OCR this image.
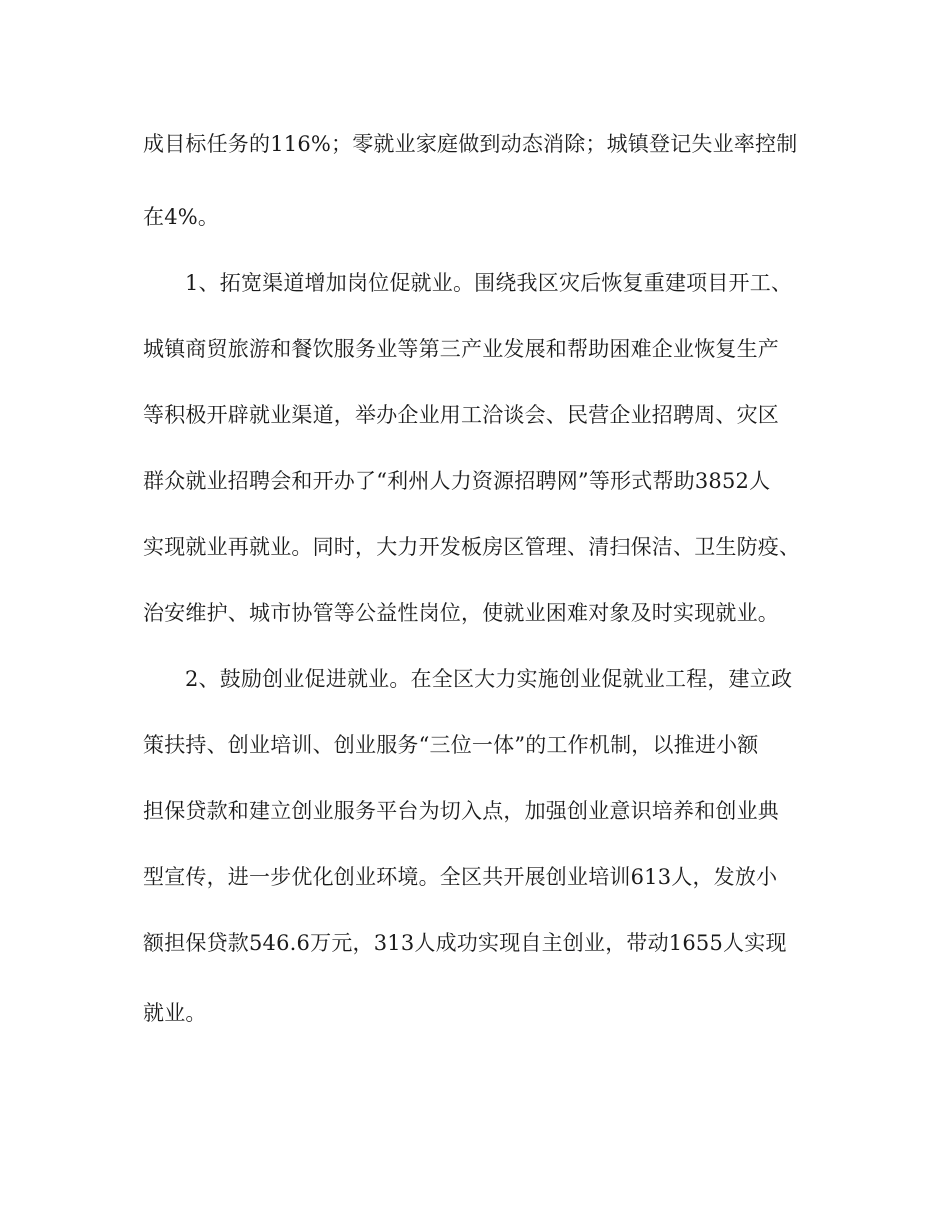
成目标任务的116%；零就业家庭做到动态消除；城镇登记失业率控制
在4%。
1、拓宽渠道增加岗位促就业。围绕我区灾后恢复重建项目开工、
城镇商贸旅游和餐饮服务业等第三产业发展和帮助困难企业恢复生产
等积极开辟就业渠道，举办企业用工洽谈会、民营企业招聘周、灾区
群众就业招聘会和开办了“利州人力资源招聘网”等形式帮助3852人
实现就业再就业。同时，大力开发板房区管理、清扫保洁、卫生防疫、
治安维护、城市协管等公益性岗位，使就业困难对象及时实现就业。
2、鼓励创业促进就业。在全区大力实施创业促就业工程，建立政
策扶持、创业培训、创业服务“三位一体”的工作机制，以推进小额
担保贷款和建立创业服务平台为切入点，加强创业意识培养和创业典
型宣传，进一步优化创业环境。全区共开展创业培训613人，发放小
额担保贷款546.6万元，313人成功实现自主创业，带动1655人实现
就业。
